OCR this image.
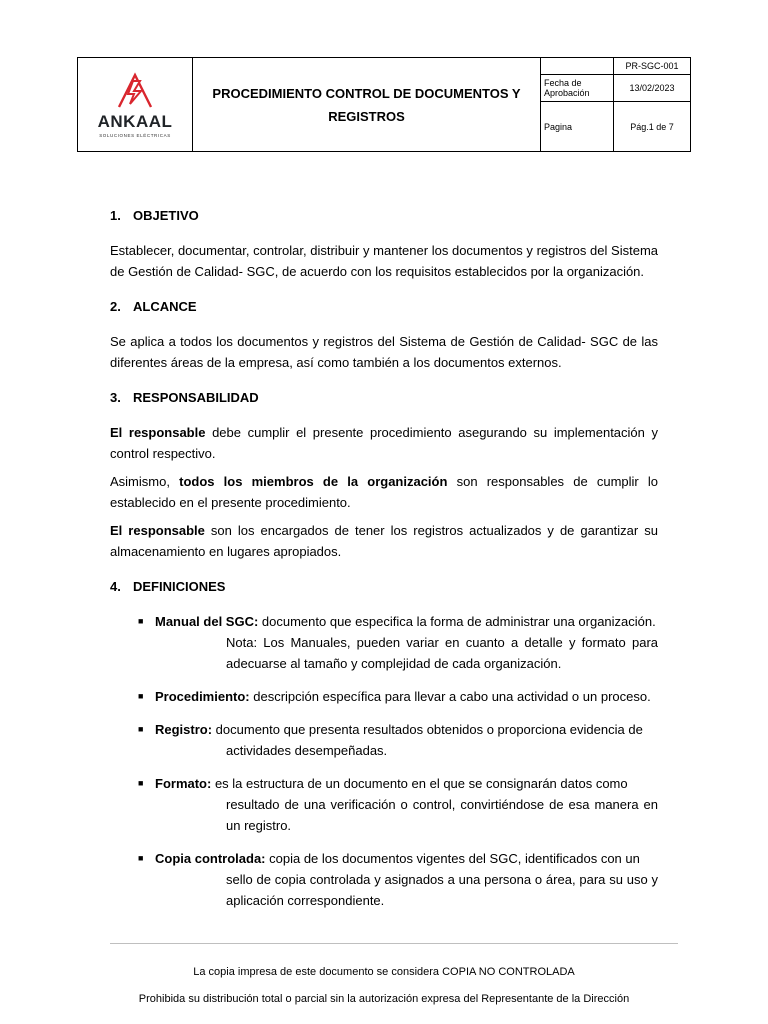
ANKAAL
SOLUCIONES ELÉCTRICAS
PROCEDIMIENTO CONTROL DE DOCUMENTOS Y REGISTROS
PR-SGC-001
Fecha de Aprobación	13/02/2023
Pagina	Pág.1 de 7
1. OBJETIVO

Establecer, documentar, controlar, distribuir y mantener los documentos y registros del Sistema de Gestión de Calidad- SGC, de acuerdo con los requisitos establecidos por la organización.

2. ALCANCE

Se aplica a todos los documentos y registros del Sistema de Gestión de Calidad- SGC de las diferentes áreas de la empresa, así como también a los documentos externos.

3. RESPONSABILIDAD

El responsable debe cumplir el presente procedimiento asegurando su implementación y control respectivo.

Asimismo, todos los miembros de la organización son responsables de cumplir lo establecido en el presente procedimiento.

El responsable son los encargados de tener los registros actualizados y de garantizar su almacenamiento en lugares apropiados.

4. DEFINICIONES
■ Manual del SGC: documento que especifica la forma de administrar una organización.
Nota: Los Manuales, pueden variar en cuanto a detalle y formato para adecuarse al tamaño y complejidad de cada organización.
■ Procedimiento: descripción específica para llevar a cabo una actividad o un proceso.
■ Registro: documento que presenta resultados obtenidos o proporciona evidencia de
actividades desempeñadas.
■ Formato: es la estructura de un documento en el que se consignarán datos como
resultado de una verificación o control, convirtiéndose de esa manera en un registro.
■ Copia controlada: copia de los documentos vigentes del SGC, identificados con un
sello de copia controlada y asignados a una persona o área, para su uso y aplicación correspondiente.
La copia impresa de este documento se considera COPIA NO CONTROLADA
Prohibida su distribución total o parcial sin la autorización expresa del Representante de la Dirección
